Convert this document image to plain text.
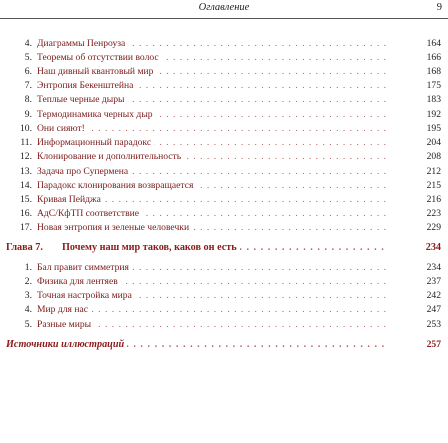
Оглавление	9
4. Диаграммы Пенроуза . . .	164
5. Теоремы об отсутствии волос . . .	166
6. Наш дивный квантовый мир . . .	168
7. Энтропия Бекенштейна . . .	175
8. Теплые черные дыры . . .	183
9. Термодинамика черных дыр . . .	192
10. Они сияют! . . .	195
11. Информационный парадокс . . .	204
12. Клонирование и дополнительность . . .	208
13. Задача про Супермена . . .	212
14. Парадокс клонирования возвращается . . .	215
15. Кривая Пейджа . . .	216
16. АдС/КфТП соответствие . . .	223
17. Новая энтропия и зеленые человечки . . .	229
Глава 7. Почему наш мир таков, каков он есть . . .	234
1. Бал правит симметрия . . .	234
2. Физика для лентяев . . .	237
3. Точная настройка мира . . .	242
4. Мир для нас . . .	247
5. Разные миры . . .	253
Источники иллюстраций . . .	257
